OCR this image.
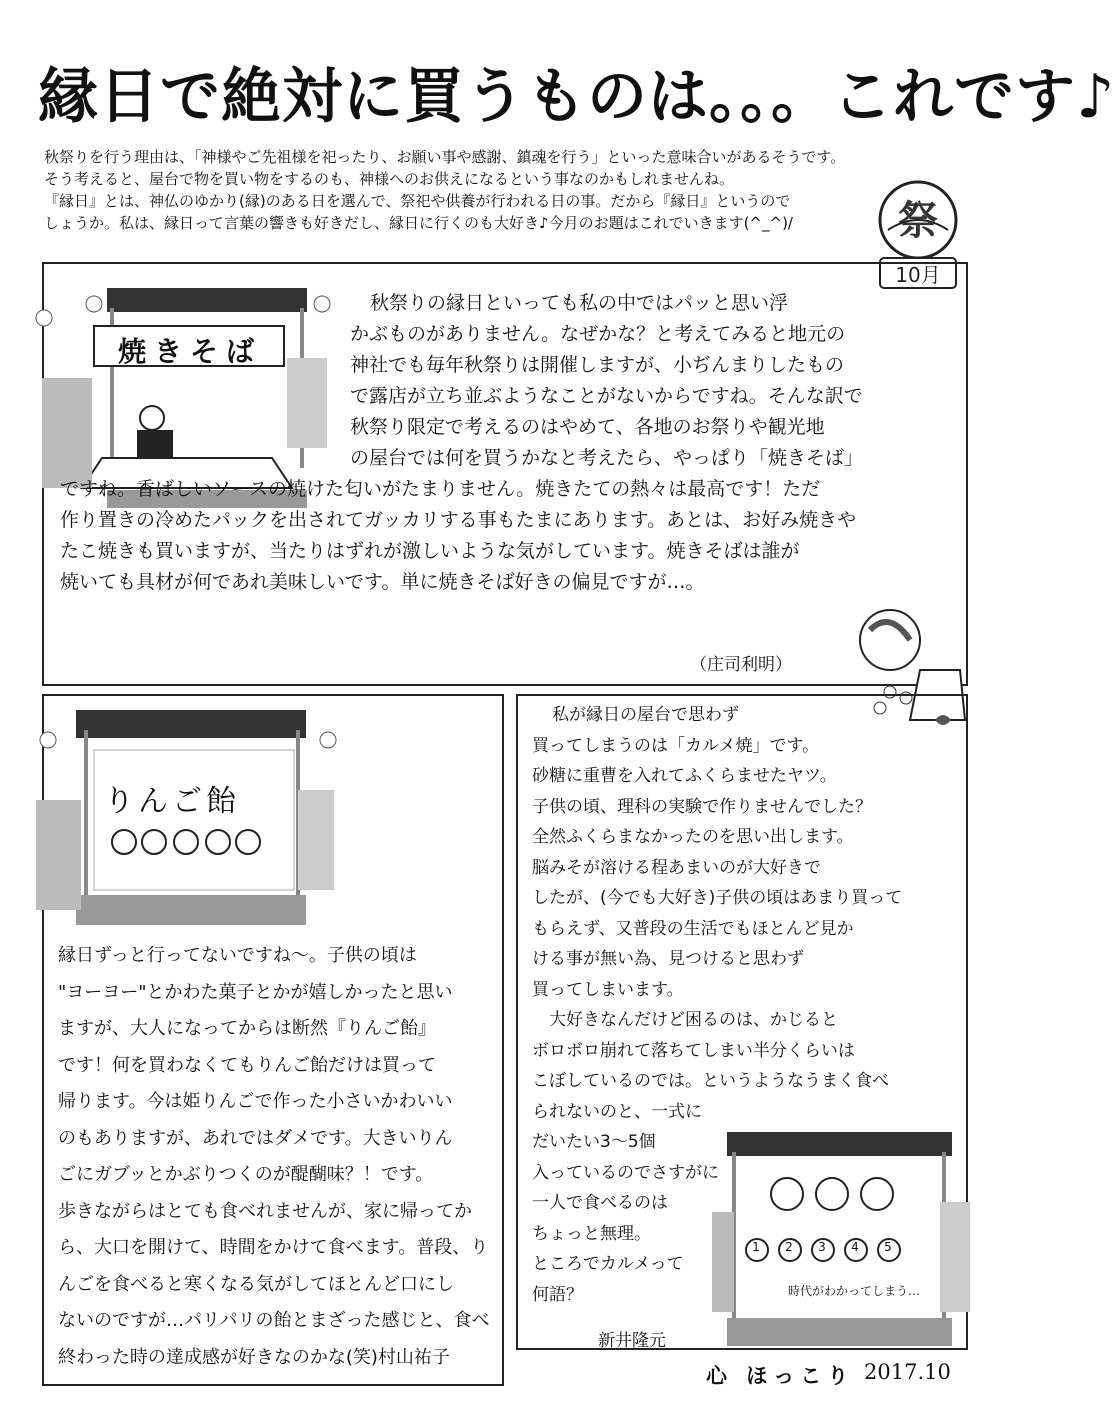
縁日で絶対に買うものは。。。これです♪
秋祭りを行う理由は、「神様やご先祖様を祀ったり、お願い事や感謝、鎮魂を行う」といった意味合いがあるそうです。
そう考えると、屋台で物を買い物をするのも、神様へのお供えになるという事なのかもしれませんね。
『縁日』とは、神仏のゆかり(縁)のある日を選んで、祭祀や供養が行われる日の事。だから『縁日』というので
しょうか。私は、縁日って言葉の響きも好きだし、縁日に行くのも大好き♪今月のお題はこれでいきます(^_^)/	祭
10月
焼きそば
秋祭りの縁日といっても私の中ではパッと思い浮
かぶものがありません。なぜかな？と考えてみると地元の
神社でも毎年秋祭りは開催しますが、小ぢんまりしたもの
で露店が立ち並ぶようなことがないからですね。そんな訳で
秋祭り限定で考えるのはやめて、各地のお祭りや観光地
の屋台では何を買うかなと考えたら、やっぱり「焼きそば」
ですね。香ばしいソースの焼けた匂いがたまりません。焼きたての熱々は最高です！ただ
作り置きの冷めたパックを出されてガッカリする事もたまにあります。あとは、お好み焼きや
たこ焼きも買いますが、当たりはずれが激しいような気がしています。焼きそばは誰が
焼いても具材が何であれ美味しいです。単に焼きそば好きの偏見ですが…。
（庄司利明）
りんご飴
縁日ずっと行ってないですね～。子供の頃は
"ヨーヨー"とかわた菓子とかが嬉しかったと思い
ますが、大人になってからは断然『りんご飴』
です！何を買わなくてもりんご飴だけは買って
帰ります。今は姫りんごで作った小さいかわいい
のもありますが、あれではダメです。大きいりん
ごにガブッとかぶりつくのが醍醐味？！です。
歩きながらはとても食べれませんが、家に帰ってか
ら、大口を開けて、時間をかけて食べます。普段、り
んごを食べると寒くなる気がしてほとんど口にし
ないのですが…パリパリの飴とまざった感じと、食べ
終わった時の達成感が好きなのかな(笑)村山祐子
私が縁日の屋台で思わず
買ってしまうのは「カルメ焼」です。
砂糖に重曹を入れてふくらませたヤツ。
子供の頃、理科の実験で作りませんでした？
全然ふくらまなかったのを思い出します。
脳みそが溶ける程あまいのが大好きで
したが、(今でも大好き)子供の頃はあまり買って
もらえず、又普段の生活でもほとんど見か
ける事が無い為、見つけると思わず
買ってしまいます。
　大好きなんだけど困るのは、かじると
ボロボロ崩れて落ちてしまい半分くらいは
こぼしているのでは。というようなうまく食べ
られないのと、一式に
だいたい3～5個
入っているのでさすがに
一人で食べるのは
ちょっと無理。
ところでカルメって
何語？
新井隆元
1 2 3 4 5
時代がわかってしまう…
心 ほっこり 2017.10
